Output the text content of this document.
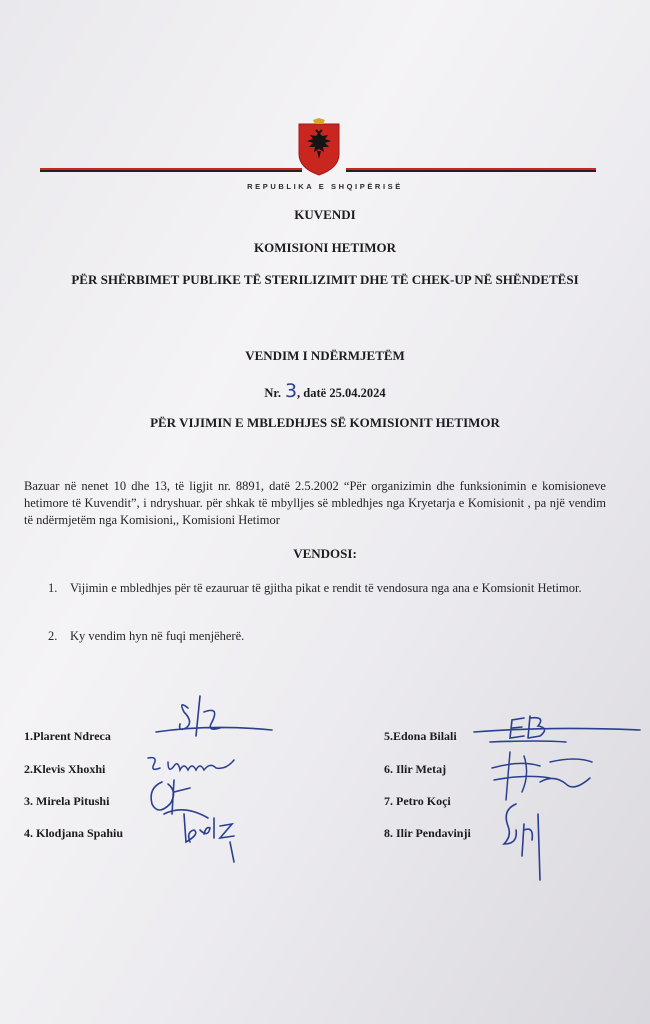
REPUBLIKA E SHQIPËRISË
KUVENDI
KOMISIONI HETIMOR
PËR SHËRBIMET PUBLIKE TË STERILIZIMIT DHE TË CHEK-UP NË SHËNDETËSI
VENDIM I NDËRMJETËM
Nr. 3, datë 25.04.2024
PËR VIJIMIN E MBLEDHJES SË KOMISIONIT HETIMOR
Bazuar në nenet 10 dhe 13, të ligjit nr. 8891, datë 2.5.2002 “Për organizimin dhe funksionimin e komisioneve hetimore të Kuvendit”, i ndryshuar. për shkak të mbylljes së mbledhjes nga Kryetarja e Komisionit , pa një vendim të ndërmjetëm nga Komisioni,, Komisioni Hetimor
VENDOSI:
1. Vijimin e mbledhjes për të ezauruar të gjitha pikat e rendit të vendosura nga ana e Komsionit Hetimor.
2. Ky vendim hyn në fuqi menjëherë.
1.Plarent Ndreca
2.Klevis Xhoxhi
3. Mirela Pitushi
4. Klodjana Spahiu
5.Edona Bilali
6. Ilir Metaj
7. Petro Koçi
8. Ilir Pendavinji
